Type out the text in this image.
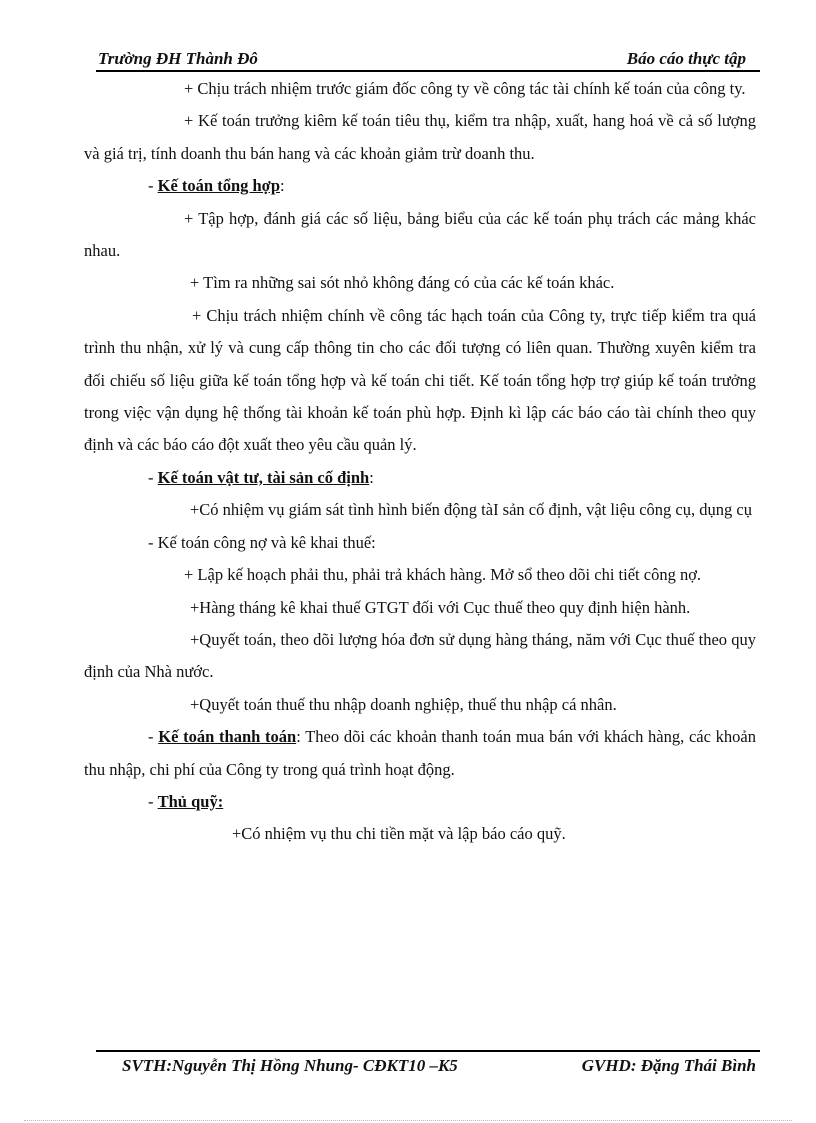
Trường ĐH Thành Đô	Báo cáo thực tập

+ Chịu trách nhiệm trước giám đốc công ty về công tác tài chính kế toán của công ty.

+ Kế toán trưởng kiêm kế toán tiêu thụ, kiểm tra nhập, xuất, hang hoá về cả số lượng và giá trị, tính doanh thu bán hang và các khoản giảm trừ doanh thu.

- Kế toán tổng hợp:

+ Tập hợp, đánh giá các số liệu, bảng biểu của các kế toán phụ trách các mảng khác nhau.

+ Tìm ra những sai sót nhỏ không đáng có của các kế toán khác.

+ Chịu trách nhiệm chính về công tác hạch toán của Công ty, trực tiếp kiểm tra quá trình thu nhận, xử lý và cung cấp thông tin cho các đối tượng có liên quan. Thường xuyên kiểm tra đối chiếu số liệu giữa kế toán tổng hợp và kế toán chi tiết. Kế toán tổng hợp trợ giúp kế toán trưởng trong việc vận dụng hệ thống tài khoản kế toán phù hợp. Định kì lập các báo cáo tài chính theo quy định và các báo cáo đột xuất theo yêu cầu quản lý.

- Kế toán vật tư, tài sản cố định:

+Có nhiệm vụ giám sát tình hình biến động tàI sản cố định, vật liệu công cụ, dụng cụ

- Kế toán công nợ và kê khai thuế:

+ Lập kế hoạch phải thu, phải trả khách hàng. Mở sổ theo dõi chi tiết công nợ.

+Hàng tháng kê khai thuế GTGT đối với Cục thuế theo quy định hiện hành.

+Quyết toán, theo dõi lượng hóa đơn sử dụng hàng tháng, năm với Cục thuế theo quy định của Nhà nước.

+Quyết toán thuế thu nhập doanh nghiệp, thuế thu nhập cá nhân.

- Kế toán thanh toán: Theo dõi các khoản thanh toán mua bán với khách hàng, các khoản thu nhập, chi phí của Công ty trong quá trình hoạt động.

- Thủ quỹ:

+Có nhiệm vụ thu chi tiền mặt và lập báo cáo quỹ.

SVTH:Nguyễn Thị Hồng Nhung- CĐKT10 –K5	GVHD: Đặng Thái Bình
